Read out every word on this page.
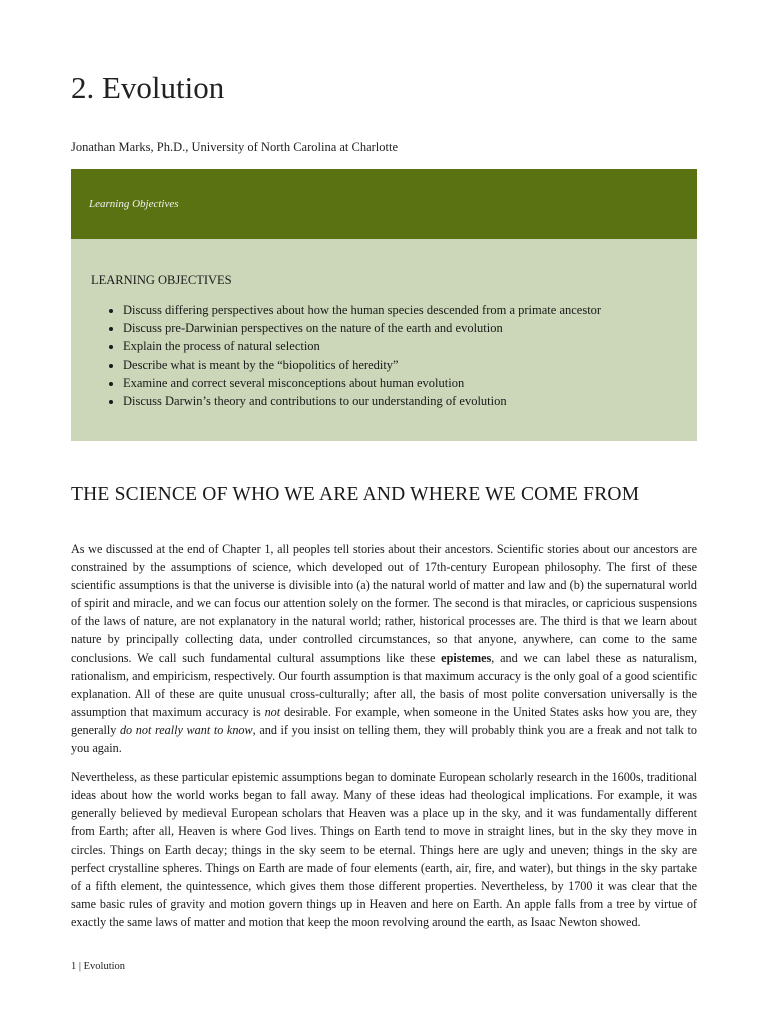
2. Evolution

Jonathan Marks, Ph.D., University of North Carolina at Charlotte

Learning Objectives

LEARNING OBJECTIVES

• Discuss differing perspectives about how the human species descended from a primate ancestor
• Discuss pre-Darwinian perspectives on the nature of the earth and evolution
• Explain the process of natural selection
• Describe what is meant by the “biopolitics of heredity”
• Examine and correct several misconceptions about human evolution
• Discuss Darwin’s theory and contributions to our understanding of evolution
THE SCIENCE OF WHO WE ARE AND WHERE WE COME FROM

As we discussed at the end of Chapter 1, all peoples tell stories about their ancestors. Scientific stories about our ancestors are constrained by the assumptions of science, which developed out of 17th-century European philosophy. The first of these scientific assumptions is that the universe is divisible into (a) the natural world of matter and law and (b) the supernatural world of spirit and miracle, and we can focus our attention solely on the former. The second is that miracles, or capricious suspensions of the laws of nature, are not explanatory in the natural world; rather, historical processes are. The third is that we learn about nature by principally collecting data, under controlled circumstances, so that anyone, anywhere, can come to the same conclusions. We call such fundamental cultural assumptions like these epistemes, and we can label these as naturalism, rationalism, and empiricism, respectively. Our fourth assumption is that maximum accuracy is the only goal of a good scientific explanation. All of these are quite unusual cross-culturally; after all, the basis of most polite conversation universally is the assumption that maximum accuracy is not desirable. For example, when someone in the United States asks how you are, they generally do not really want to know, and if you insist on telling them, they will probably think you are a freak and not talk to you again.

Nevertheless, as these particular epistemic assumptions began to dominate European scholarly research in the 1600s, traditional ideas about how the world works began to fall away. Many of these ideas had theological implications. For example, it was generally believed by medieval European scholars that Heaven was a place up in the sky, and it was fundamentally different from Earth; after all, Heaven is where God lives. Things on Earth tend to move in straight lines, but in the sky they move in circles. Things on Earth decay; things in the sky seem to be eternal. Things here are ugly and uneven; things in the sky are perfect crystalline spheres. Things on Earth are made of four elements (earth, air, fire, and water), but things in the sky partake of a fifth element, the quintessence, which gives them those different properties. Nevertheless, by 1700 it was clear that the same basic rules of gravity and motion govern things up in Heaven and here on Earth. An apple falls from a tree by virtue of exactly the same laws of matter and motion that keep the moon revolving around the earth, as Isaac Newton showed.

1 | Evolution
